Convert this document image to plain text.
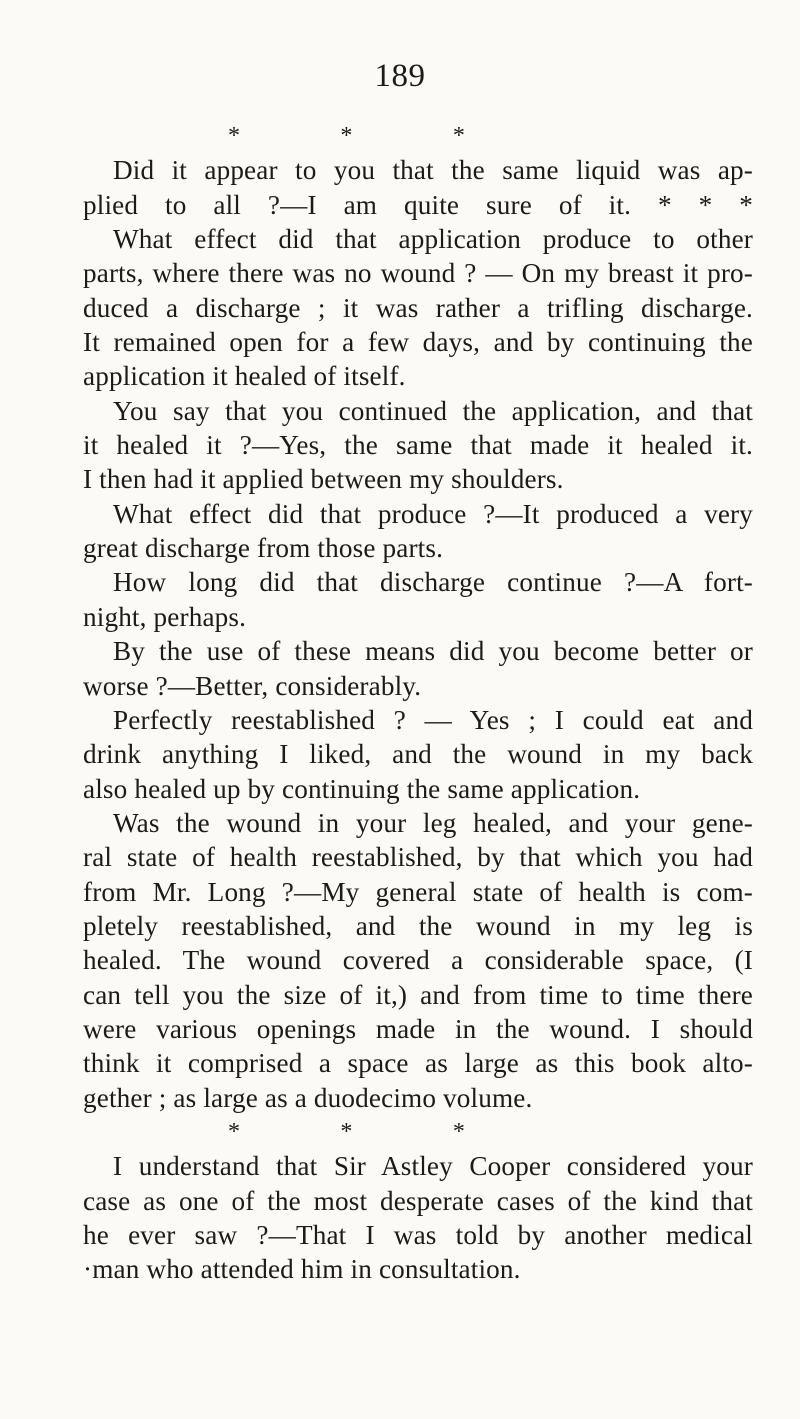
189
*	*	*
Did it appear to you that the same liquid was ap-
plied to all ?—I am quite sure of it. * * *
What effect did that application produce to other
parts, where there was no wound ? — On my breast it pro-
duced a discharge ; it was rather a trifling discharge.
It remained open for a few days, and by continuing the
application it healed of itself.
You say that you continued the application, and that
it healed it ?—Yes, the same that made it healed it.
I then had it applied between my shoulders.
What effect did that produce ?—It produced a very
great discharge from those parts.
How long did that discharge continue ?—A fort-
night, perhaps.
By the use of these means did you become better or
worse ?—Better, considerably.
Perfectly reestablished ? — Yes ; I could eat and
drink anything I liked, and the wound in my back
also healed up by continuing the same application.
Was the wound in your leg healed, and your gene-
ral state of health reestablished, by that which you had
from Mr. Long ?—My general state of health is com-
pletely reestablished, and the wound in my leg is
healed. The wound covered a considerable space, (I
can tell you the size of it,) and from time to time there
were various openings made in the wound. I should
think it comprised a space as large as this book alto-
gether ; as large as a duodecimo volume.
*	*	*
I understand that Sir Astley Cooper considered your
case as one of the most desperate cases of the kind that
he ever saw ?—That I was told by another medical
·man who attended him in consultation.
